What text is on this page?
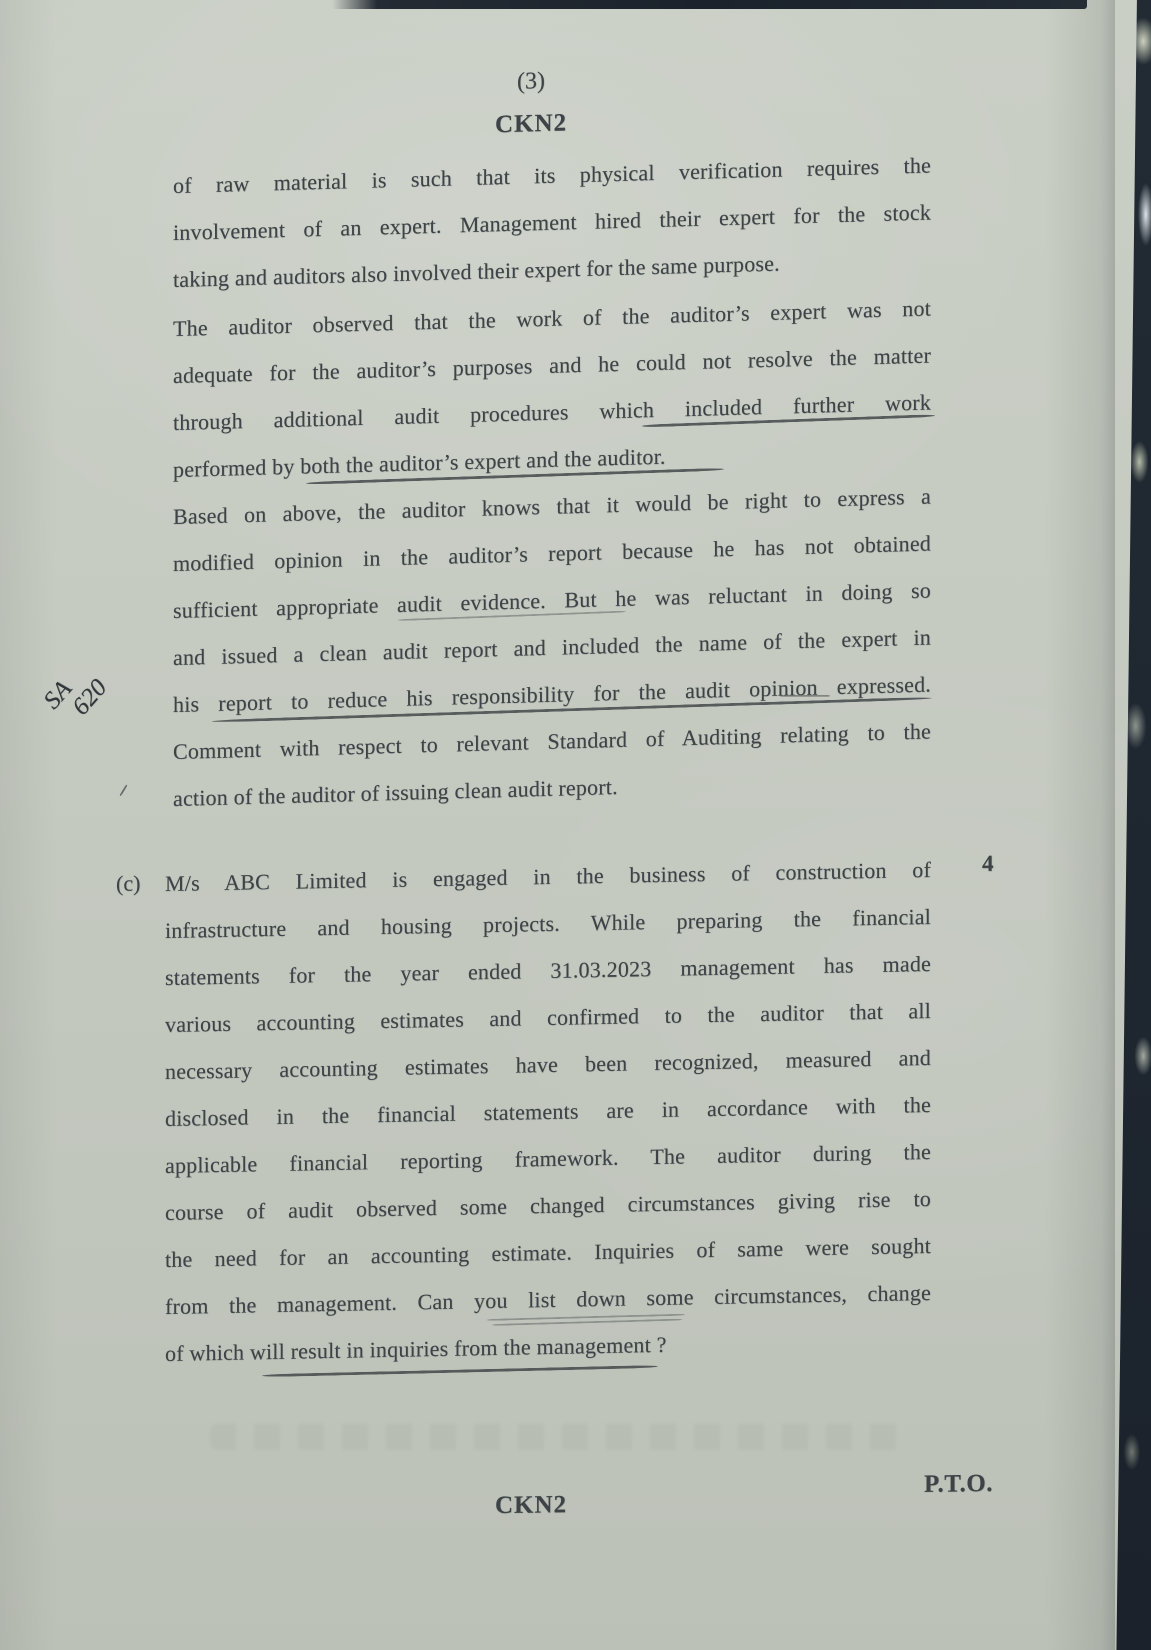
(3)
CKN2
of raw material is such that its physical verification requires the
involvement of an expert. Management hired their expert for the stock
taking and auditors also involved their expert for the same purpose.
The auditor observed that the work of the auditor’s expert was not
adequate for the auditor’s purposes and he could not resolve the matter
through additional audit procedures which included further work
performed by both the auditor’s expert and the auditor.
Based on above, the auditor knows that it would be right to express a
modified opinion in the auditor’s report because he has not obtained
sufficient appropriate audit evidence. But he was reluctant in doing so
and issued a clean audit report and included the name of the expert in
his report to reduce his responsibility for the audit opinion expressed.
Comment with respect to relevant Standard of Auditing relating to the
action of the auditor of issuing clean audit report.
SA
620
(c)
4
M/s ABC Limited is engaged in the business of construction of
infrastructure and housing projects. While preparing the financial
statements for the year ended 31.03.2023 management has made
various accounting estimates and confirmed to the auditor that all
necessary accounting estimates have been recognized, measured and
disclosed in the financial statements are in accordance with the
applicable financial reporting framework. The auditor during the
course of audit observed some changed circumstances giving rise to
the need for an accounting estimate. Inquiries of same were sought
from the management. Can you list down some circumstances, change
of which will result in inquiries from the management ?
CKN2
P.T.O.
